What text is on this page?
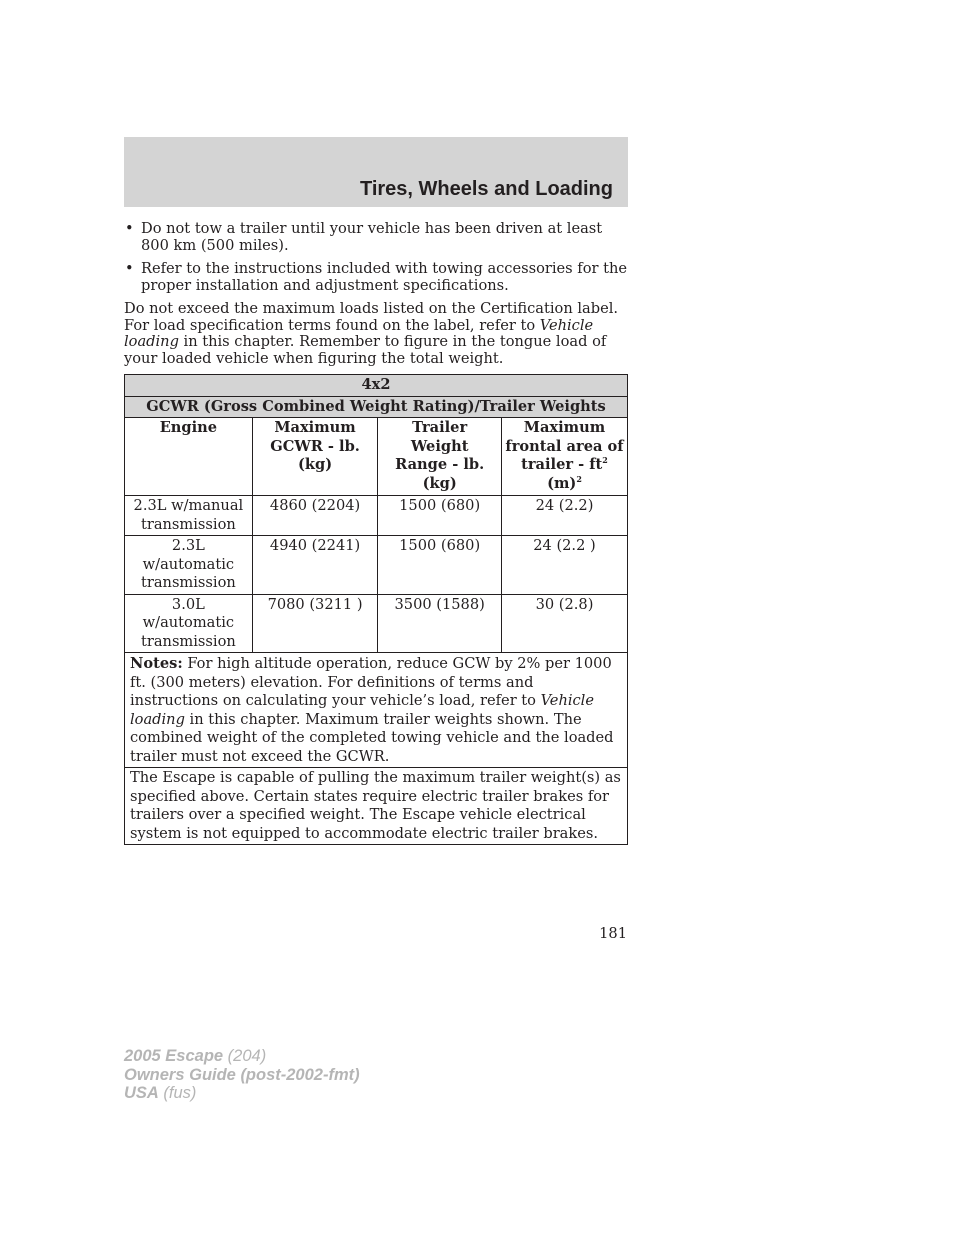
Tires, Wheels and Loading
• Do not tow a trailer until your vehicle has been driven at least 800 km (500 miles).
• Refer to the instructions included with towing accessories for the proper installation and adjustment specifications.
Do not exceed the maximum loads listed on the Certification label. For load specification terms found on the label, refer to Vehicle loading in this chapter. Remember to figure in the tongue load of your loaded vehicle when figuring the total weight.
4x2			
GCWR (Gross Combined Weight Rating)/Trailer Weights			
Engine	Maximum GCWR - lb. (kg)	Trailer Weight Range - lb. (kg)	Maximum frontal area of trailer - $ft^2$
$(m)^2$
2.3L w/manual transmission	4860 (2204)	1500 (680)	24 (2.2)
2.3L w/automatic transmission	4940 (2241)	1500 (680)	24 (2.2 )
3.0L w/automatic transmission	7080 (3211 )	3500 (1588)	30 (2.8)
Notes: For high altitude operation, reduce GCW by 2% per 1000 ft. (300 meters) elevation. For definitions of terms and instructions on calculating your vehicle’s load, refer to Vehicle loading in this chapter. Maximum trailer weights shown. The combined weight of the completed towing vehicle and the loaded trailer must not exceed the GCWR.			
The Escape is capable of pulling the maximum trailer weight(s) as specified above. Certain states require electric trailer brakes for trailers over a specified weight. The Escape vehicle electrical system is not equipped to accommodate electric trailer brakes.			
181
2005 Escape (204)
Owners Guide (post-2002-fmt)
USA (fus)
